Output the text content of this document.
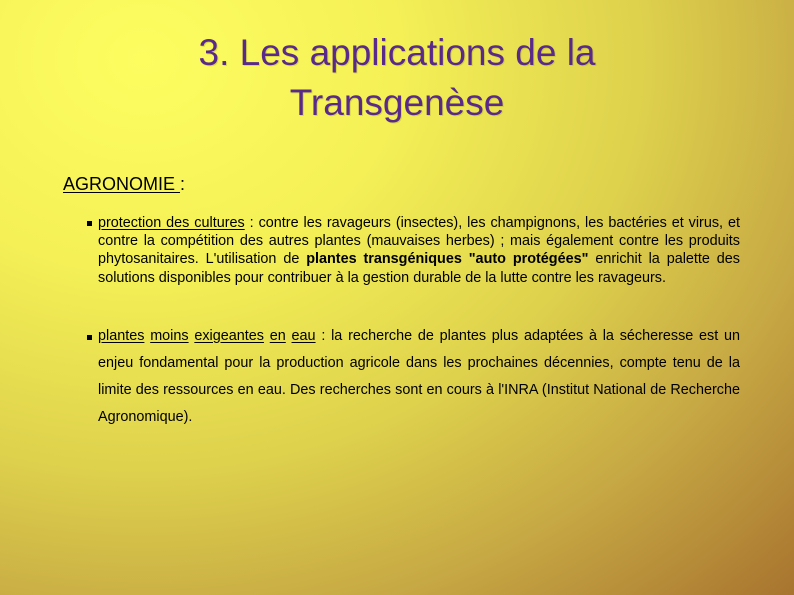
3. Les applications de la
Transgenèse
AGRONOMIE :
protection des cultures : contre les ravageurs (insectes), les champignons, les bactéries et virus, et contre la compétition des autres plantes (mauvaises herbes) ; mais également contre les produits phytosanitaires. L'utilisation de plantes transgéniques "auto protégées" enrichit la palette des solutions disponibles pour contribuer à la gestion durable de la lutte contre les ravageurs.
plantes moins exigeantes en eau : la recherche de plantes plus adaptées à la sécheresse est un enjeu fondamental pour la production agricole dans les prochaines décennies, compte tenu de la limite des ressources en eau. Des recherches sont en cours à l'INRA (Institut National de Recherche Agronomique).
